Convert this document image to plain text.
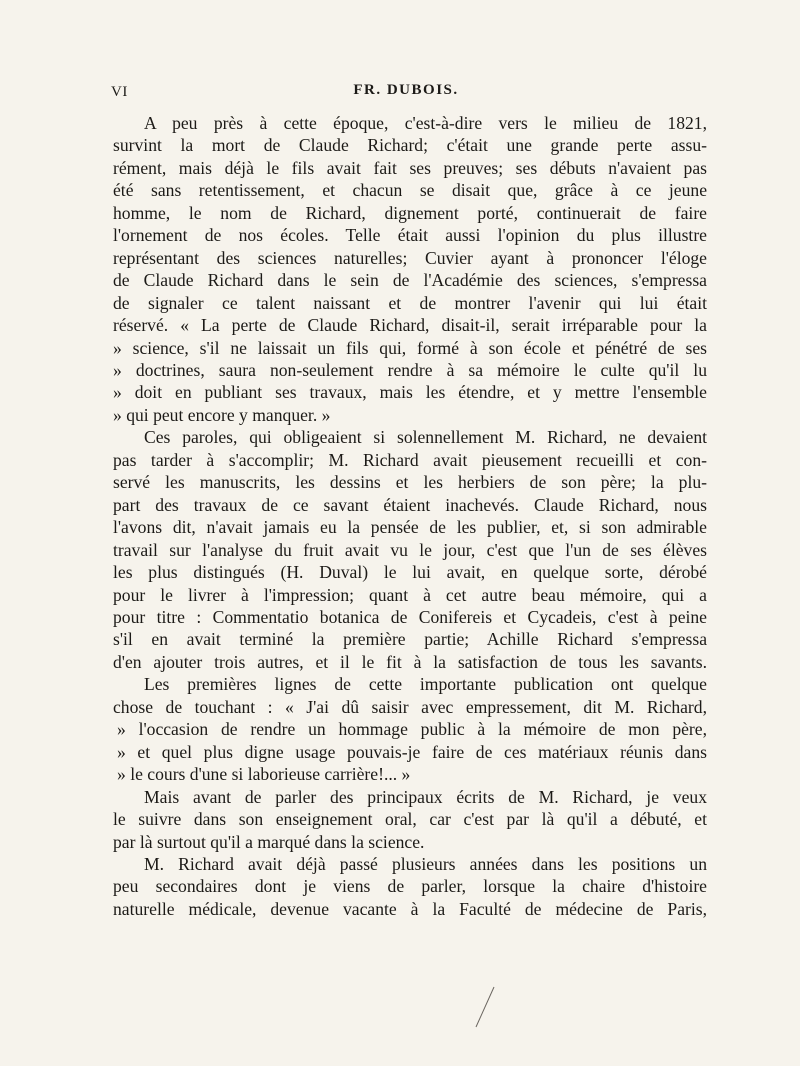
VI	FR. DUBOIS.
A peu près à cette époque, c'est-à-dire vers le milieu de 1821,
survint la mort de Claude Richard; c'était une grande perte assu-
rément, mais déjà le fils avait fait ses preuves; ses débuts n'avaient pas
été sans retentissement, et chacun se disait que, grâce à ce jeune
homme, le nom de Richard, dignement porté, continuerait de faire
l'ornement de nos écoles. Telle était aussi l'opinion du plus illustre
représentant des sciences naturelles; Cuvier ayant à prononcer l'éloge
de Claude Richard dans le sein de l'Académie des sciences, s'empressa
de signaler ce talent naissant et de montrer l'avenir qui lui était
réservé. « La perte de Claude Richard, disait-il, serait irréparable pour la
» science, s'il ne laissait un fils qui, formé à son école et pénétré de ses
» doctrines, saura non-seulement rendre à sa mémoire le culte qu'il lu
» doit en publiant ses travaux, mais les étendre, et y mettre l'ensemble
» qui peut encore y manquer. »
Ces paroles, qui obligeaient si solennellement M. Richard, ne devaient
pas tarder à s'accomplir; M. Richard avait pieusement recueilli et con-
servé les manuscrits, les dessins et les herbiers de son père; la plu-
part des travaux de ce savant étaient inachevés. Claude Richard, nous
l'avons dit, n'avait jamais eu la pensée de les publier, et, si son admirable
travail sur l'analyse du fruit avait vu le jour, c'est que l'un de ses élèves
les plus distingués (H. Duval) le lui avait, en quelque sorte, dérobé
pour le livrer à l'impression; quant à cet autre beau mémoire, qui a
pour titre : Commentatio botanica de Conifereis et Cycadeis, c'est à peine
s'il en avait terminé la première partie; Achille Richard s'empressa
d'en ajouter trois autres, et il le fit à la satisfaction de tous les savants.
Les premières lignes de cette importante publication ont quelque
chose de touchant : « J'ai dû saisir avec empressement, dit M. Richard,
» l'occasion de rendre un hommage public à la mémoire de mon père,
» et quel plus digne usage pouvais-je faire de ces matériaux réunis dans
» le cours d'une si laborieuse carrière!... »
Mais avant de parler des principaux écrits de M. Richard, je veux
le suivre dans son enseignement oral, car c'est par là qu'il a débuté, et
par là surtout qu'il a marqué dans la science.
M. Richard avait déjà passé plusieurs années dans les positions un
peu secondaires dont je viens de parler, lorsque la chaire d'histoire
naturelle médicale, devenue vacante à la Faculté de médecine de Paris,
